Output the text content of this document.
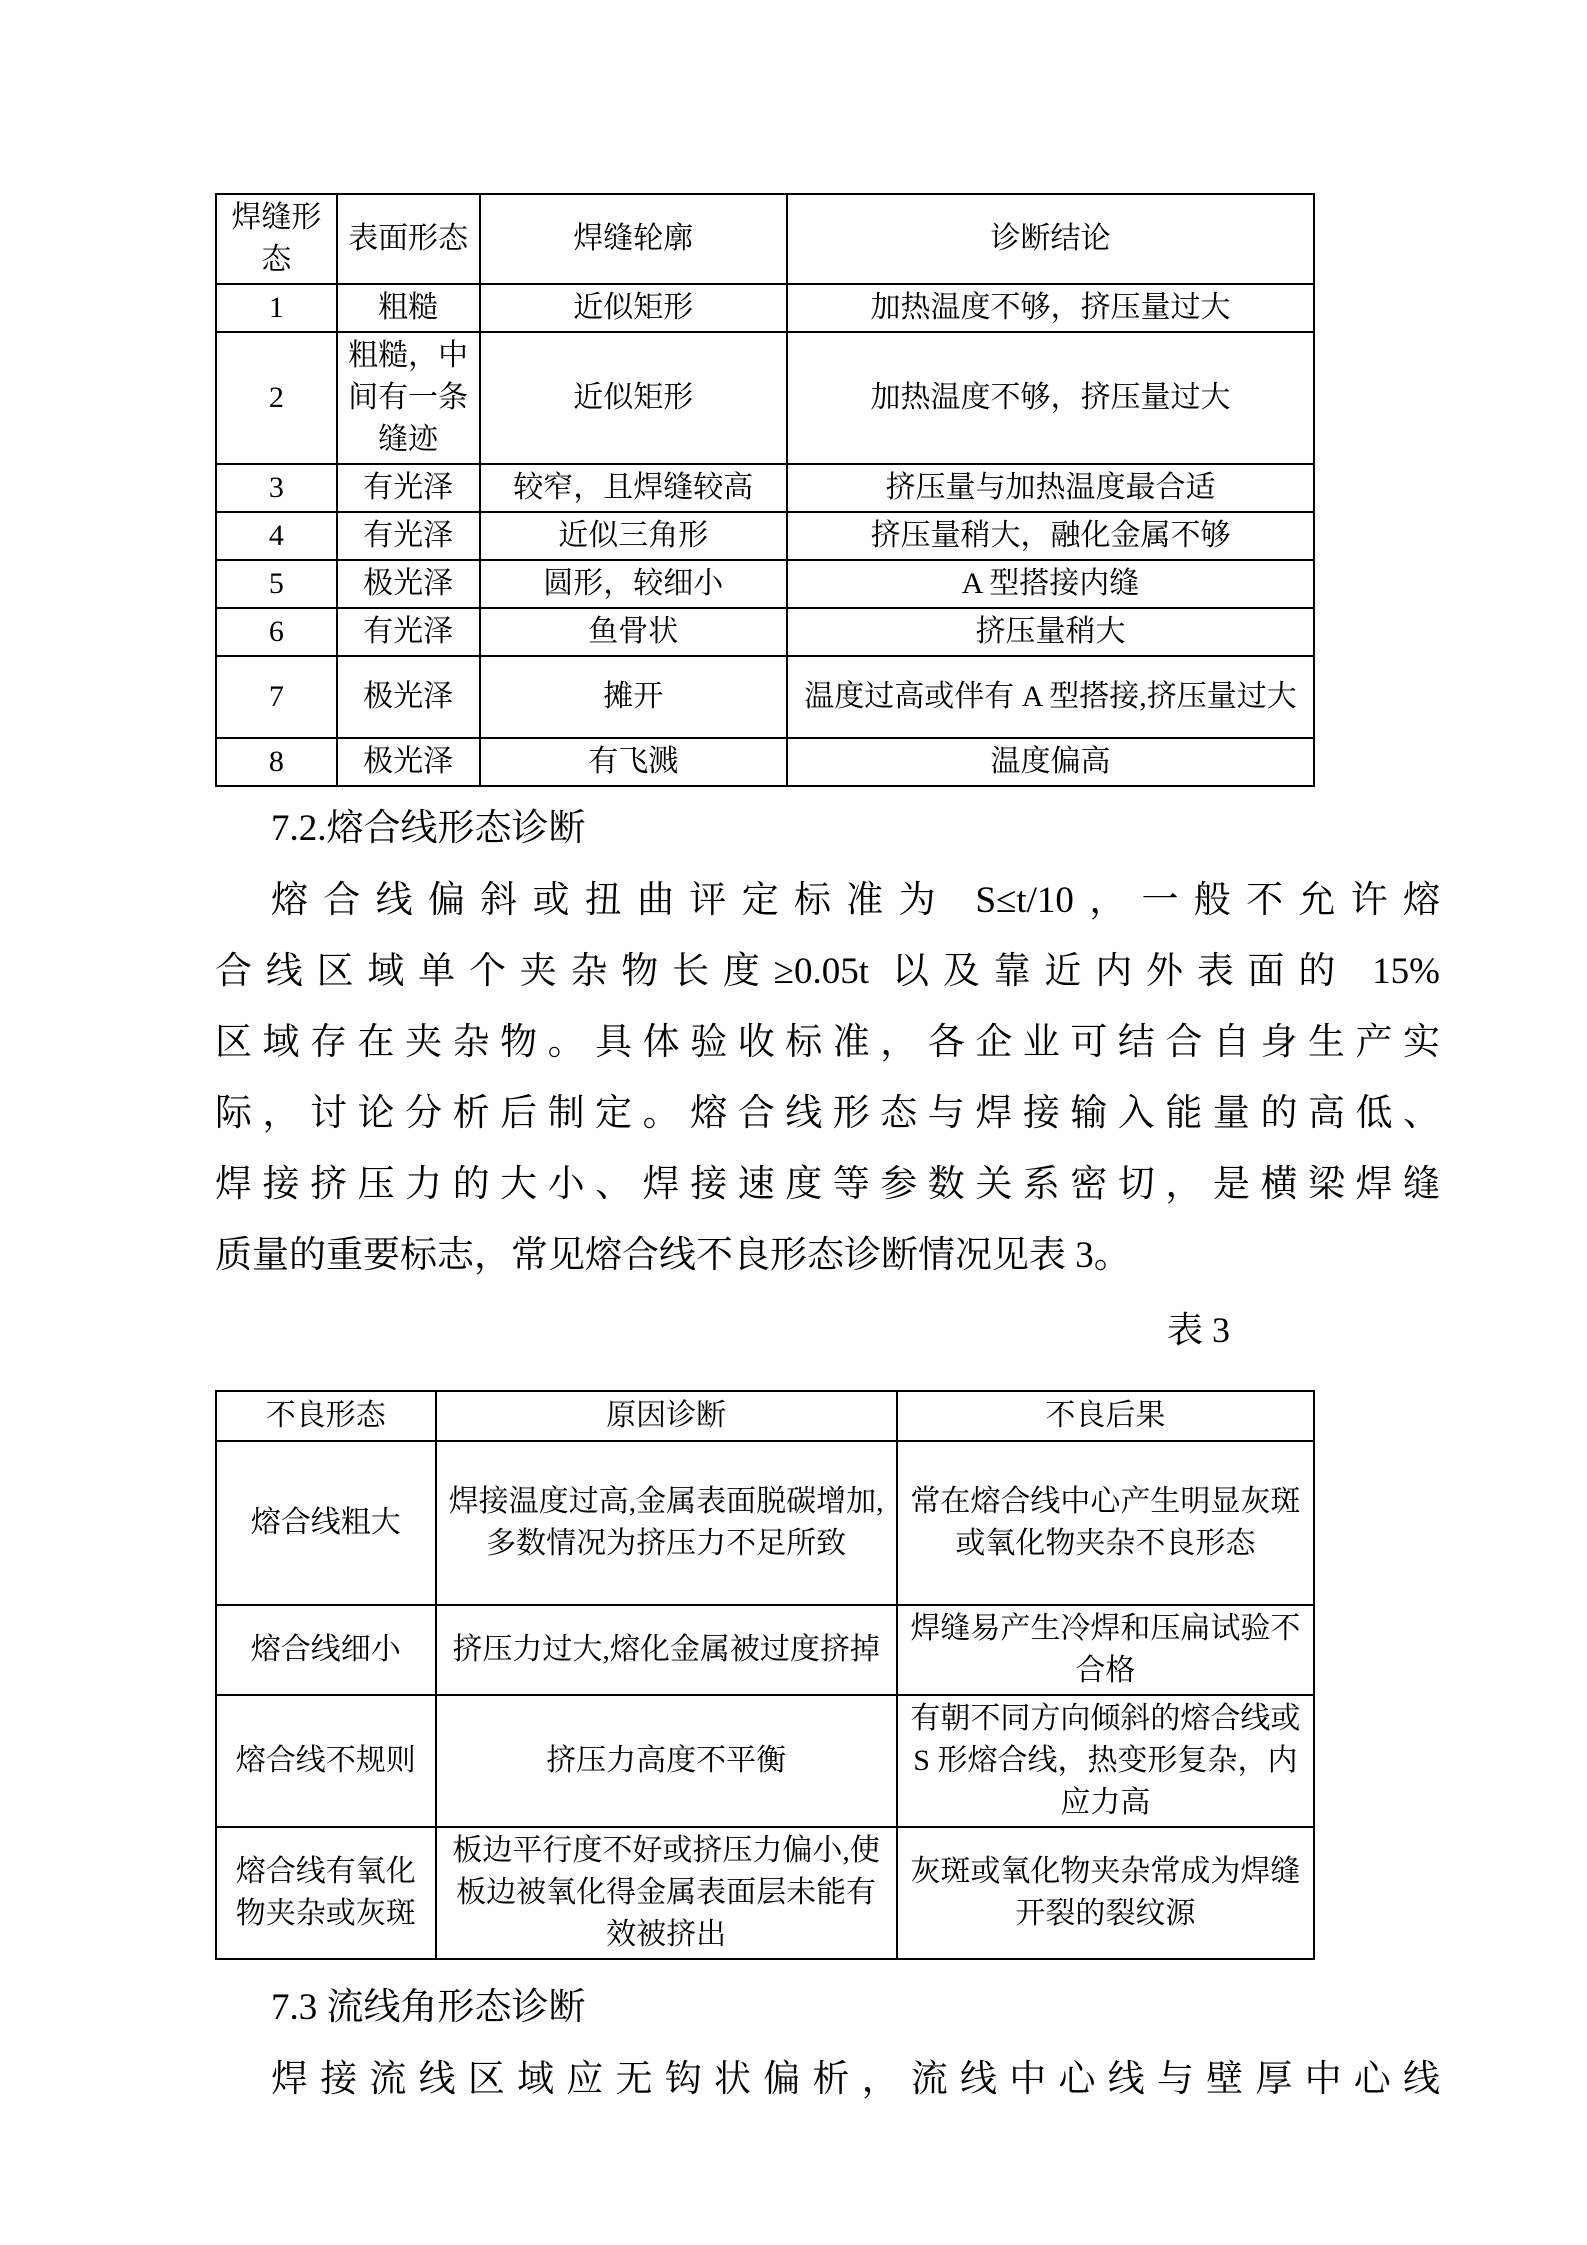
焊缝形态	表面形态	焊缝轮廓	诊断结论
1	粗糙	近似矩形	加热温度不够，挤压量过大
2	粗糙，中间有一条缝迹	近似矩形	加热温度不够，挤压量过大
3	有光泽	较窄，且焊缝较高	挤压量与加热温度最合适
4	有光泽	近似三角形	挤压量稍大，融化金属不够
5	极光泽	圆形，较细小	A 型搭接内缝
6	有光泽	鱼骨状	挤压量稍大
7	极光泽	摊开	温度过高或伴有 A 型搭接,挤压量过大
8	极光泽	有飞溅	温度偏高
7.2.熔合线形态诊断
熔合线偏斜或扭曲评定标准为 S≤t/10，一般不允许熔
合线区域单个夹杂物长度≥0.05t 以及靠近内外表面的 15%
区域存在夹杂物。具体验收标准，各企业可结合自身生产实
际，讨论分析后制定。熔合线形态与焊接输入能量的高低、
焊接挤压力的大小、焊接速度等参数关系密切，是横梁焊缝
质量的重要标志，常见熔合线不良形态诊断情况见表 3。
表 3
不良形态	原因诊断	不良后果
熔合线粗大	焊接温度过高,金属表面脱碳增加,多数情况为挤压力不足所致	常在熔合线中心产生明显灰斑或氧化物夹杂不良形态
熔合线细小	挤压力过大,熔化金属被过度挤掉	焊缝易产生冷焊和压扁试验不合格
熔合线不规则	挤压力高度不平衡	有朝不同方向倾斜的熔合线或 S 形熔合线，热变形复杂，内应力高
熔合线有氧化物夹杂或灰斑	板边平行度不好或挤压力偏小,使板边被氧化得金属表面层未能有效被挤出	灰斑或氧化物夹杂常成为焊缝开裂的裂纹源
7.3 流线角形态诊断
焊接流线区域应无钩状偏析，流线中心线与壁厚中心线
